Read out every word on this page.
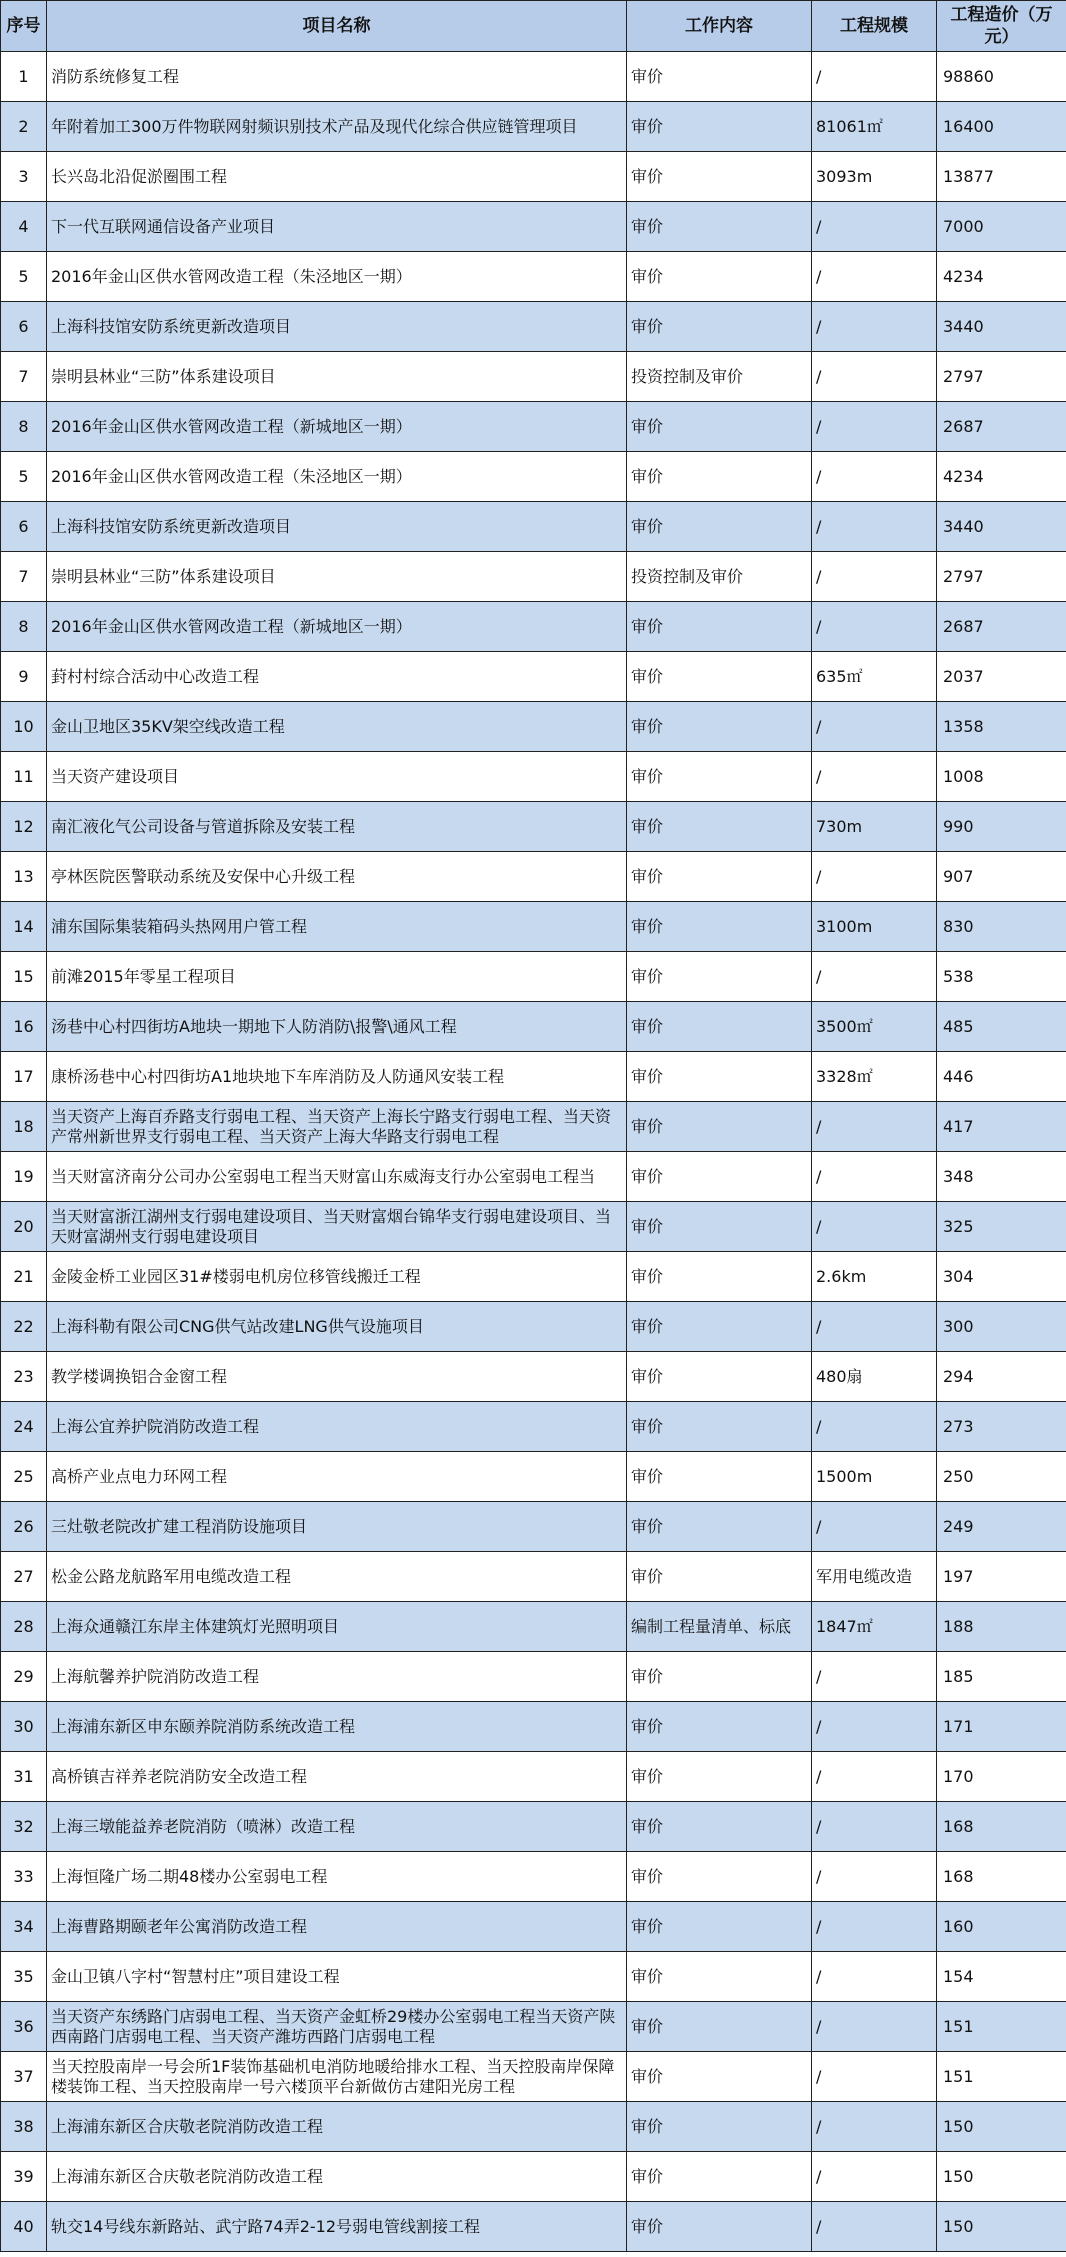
序号	项目名称	工作内容	工程规模	工程造价（万元）
1	消防系统修复工程	审价	/	98860
2	年附着加工300万件物联网射频识别技术产品及现代化综合供应链管理项目	审价	81061㎡	16400
3	长兴岛北沿促淤圈围工程	审价	3093m	13877
4	下一代互联网通信设备产业项目	审价	/	7000
5	2016年金山区供水管网改造工程（朱泾地区一期）	审价	/	4234
6	上海科技馆安防系统更新改造项目	审价	/	3440
7	崇明县林业“三防”体系建设项目	投资控制及审价	/	2797
8	2016年金山区供水管网改造工程（新城地区一期）	审价	/	2687
5	2016年金山区供水管网改造工程（朱泾地区一期）	审价	/	4234
6	上海科技馆安防系统更新改造项目	审价	/	3440
7	崇明县林业“三防”体系建设项目	投资控制及审价	/	2797
8	2016年金山区供水管网改造工程（新城地区一期）	审价	/	2687
9	葑村村综合活动中心改造工程	审价	635㎡	2037
10	金山卫地区35KV架空线改造工程	审价	/	1358
11	当天资产建设项目	审价	/	1008
12	南汇液化气公司设备与管道拆除及安装工程	审价	730m	990
13	亭林医院医警联动系统及安保中心升级工程	审价	/	907
14	浦东国际集装箱码头热网用户管工程	审价	3100m	830
15	前滩2015年零星工程项目	审价	/	538
16	汤巷中心村四街坊A地块一期地下人防消防\报警\通风工程	审价	3500㎡	485
17	康桥汤巷中心村四街坊A1地块地下车库消防及人防通风安装工程	审价	3328㎡	446
18	当天资产上海百乔路支行弱电工程、当天资产上海长宁路支行弱电工程、当天资产常州新世界支行弱电工程、当天资产上海大华路支行弱电工程	审价	/	417
19	当天财富济南分公司办公室弱电工程当天财富山东威海支行办公室弱电工程当	审价	/	348
20	当天财富浙江湖州支行弱电建设项目、当天财富烟台锦华支行弱电建设项目、当天财富湖州支行弱电建设项目	审价	/	325
21	金陵金桥工业园区31#楼弱电机房位移管线搬迁工程	审价	2.6km	304
22	上海科勒有限公司CNG供气站改建LNG供气设施项目	审价	/	300
23	教学楼调换铝合金窗工程	审价	480扇	294
24	上海公宜养护院消防改造工程	审价	/	273
25	高桥产业点电力环网工程	审价	1500m	250
26	三灶敬老院改扩建工程消防设施项目	审价	/	249
27	松金公路龙航路军用电缆改造工程	审价	军用电缆改造	197
28	上海众通赣江东岸主体建筑灯光照明项目	编制工程量清单、标底	1847㎡	188
29	上海航馨养护院消防改造工程	审价	/	185
30	上海浦东新区申东颐养院消防系统改造工程	审价	/	171
31	高桥镇吉祥养老院消防安全改造工程	审价	/	170
32	上海三墩能益养老院消防（喷淋）改造工程	审价	/	168
33	上海恒隆广场二期48楼办公室弱电工程	审价	/	168
34	上海曹路期颐老年公寓消防改造工程	审价	/	160
35	金山卫镇八字村“智慧村庄”项目建设工程	审价	/	154
36	当天资产东绣路门店弱电工程、当天资产金虹桥29楼办公室弱电工程当天资产陕西南路门店弱电工程、当天资产潍坊西路门店弱电工程	审价	/	151
37	当天控股南岸一号会所1F装饰基础机电消防地暖给排水工程、当天控股南岸保障楼装饰工程、当天控股南岸一号六楼顶平台新做仿古建阳光房工程	审价	/	151
38	上海浦东新区合庆敬老院消防改造工程	审价	/	150
39	上海浦东新区合庆敬老院消防改造工程	审价	/	150
40	轨交14号线东新路站、武宁路74弄2-12号弱电管线割接工程	审价	/	150
